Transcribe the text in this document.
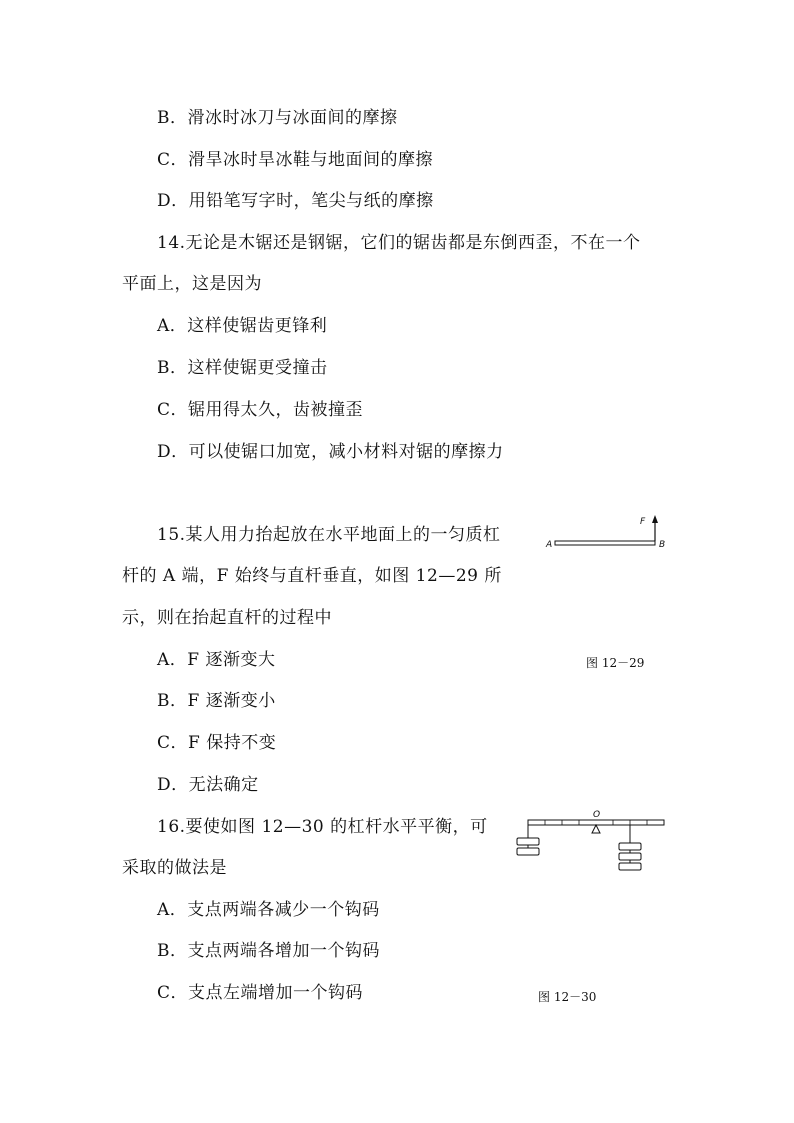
B．滑冰时冰刀与冰面间的摩擦
C．滑旱冰时旱冰鞋与地面间的摩擦
D．用铅笔写字时，笔尖与纸的摩擦
14.无论是木锯还是钢锯，它们的锯齿都是东倒西歪，不在一个
平面上，这是因为
A．这样使锯齿更锋利
B．这样使锯更受撞击
C．锯用得太久，齿被撞歪
D．可以使锯口加宽，减小材料对锯的摩擦力
15.某人用力抬起放在水平地面上的一匀质杠
杆的 A 端，F 始终与直杆垂直，如图 12—29 所
示，则在抬起直杆的过程中
A．F 逐渐变大
B．F 逐渐变小
C．F 保持不变
D．无法确定
F
A	B
图 12－29
16.要使如图 12—30 的杠杆水平平衡，可
采取的做法是
A．支点两端各减少一个钩码
B．支点两端各增加一个钩码
C．支点左端增加一个钩码
O
图 12－30
